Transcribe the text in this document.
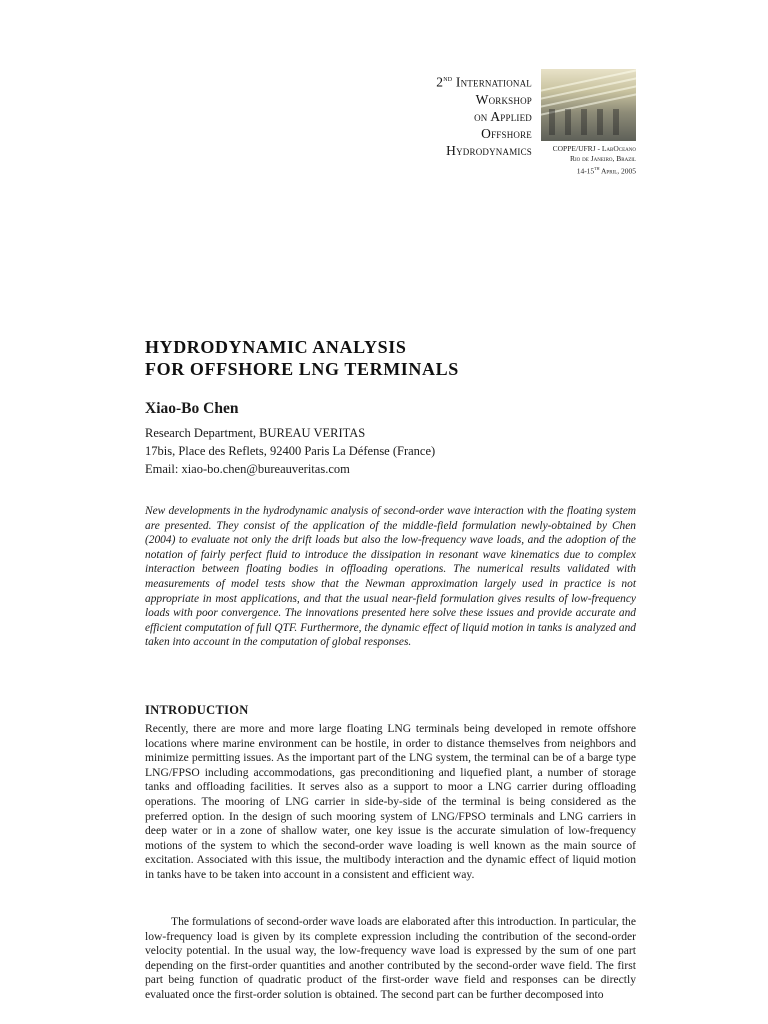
2nd International
Workshop
on Applied
Offshore
Hydrodynamics	COPPE/UFRJ - LabOceano
Rio de Janeiro, Brazil
14-15th April, 2005
HYDRODYNAMIC ANALYSIS
FOR OFFSHORE LNG TERMINALS
Xiao-Bo Chen
Research Department, BUREAU VERITAS
17bis, Place des Reflets, 92400 Paris La Défense (France)
Email: xiao-bo.chen@bureauveritas.com

New developments in the hydrodynamic analysis of second-order wave interaction with the floating system are presented. They consist of the application of the middle-field formulation newly-obtained by Chen (2004) to evaluate not only the drift loads but also the low-frequency wave loads, and the adoption of the notation of fairly perfect fluid to introduce the dissipation in resonant wave kinematics due to complex interaction between floating bodies in offloading operations. The numerical results validated with measurements of model tests show that the Newman approximation largely used in practice is not appropriate in most applications, and that the usual near-field formulation gives results of low-frequency loads with poor convergence. The innovations presented here solve these issues and provide accurate and efficient computation of full QTF. Furthermore, the dynamic effect of liquid motion in tanks is analyzed and taken into account in the computation of global responses.

INTRODUCTION

Recently, there are more and more large floating LNG terminals being developed in remote offshore locations where marine environment can be hostile, in order to distance themselves from neighbors and minimize permitting issues. As the important part of the LNG system, the terminal can be of a barge type LNG/FPSO including accommodations, gas preconditioning and liquefied plant, a number of storage tanks and offloading facilities. It serves also as a support to moor a LNG carrier during offloading operations. The mooring of LNG carrier in side-by-side of the terminal is being considered as the preferred option. In the design of such mooring system of LNG/FPSO terminals and LNG carriers in deep water or in a zone of shallow water, one key issue is the accurate simulation of low-frequency motions of the system to which the second-order wave loading is well known as the main source of excitation. Associated with this issue, the multibody interaction and the dynamic effect of liquid motion in tanks have to be taken into account in a consistent and efficient way.

The formulations of second-order wave loads are elaborated after this introduction. In particular, the low-frequency load is given by its complete expression including the contribution of the second-order velocity potential. In the usual way, the low-frequency wave load is expressed by the sum of one part depending on the first-order quantities and another contributed by the second-order wave field. The first part being function of quadratic product of the first-order wave field and responses can be directly evaluated once the first-order solution is obtained. The second part can be further decomposed into
